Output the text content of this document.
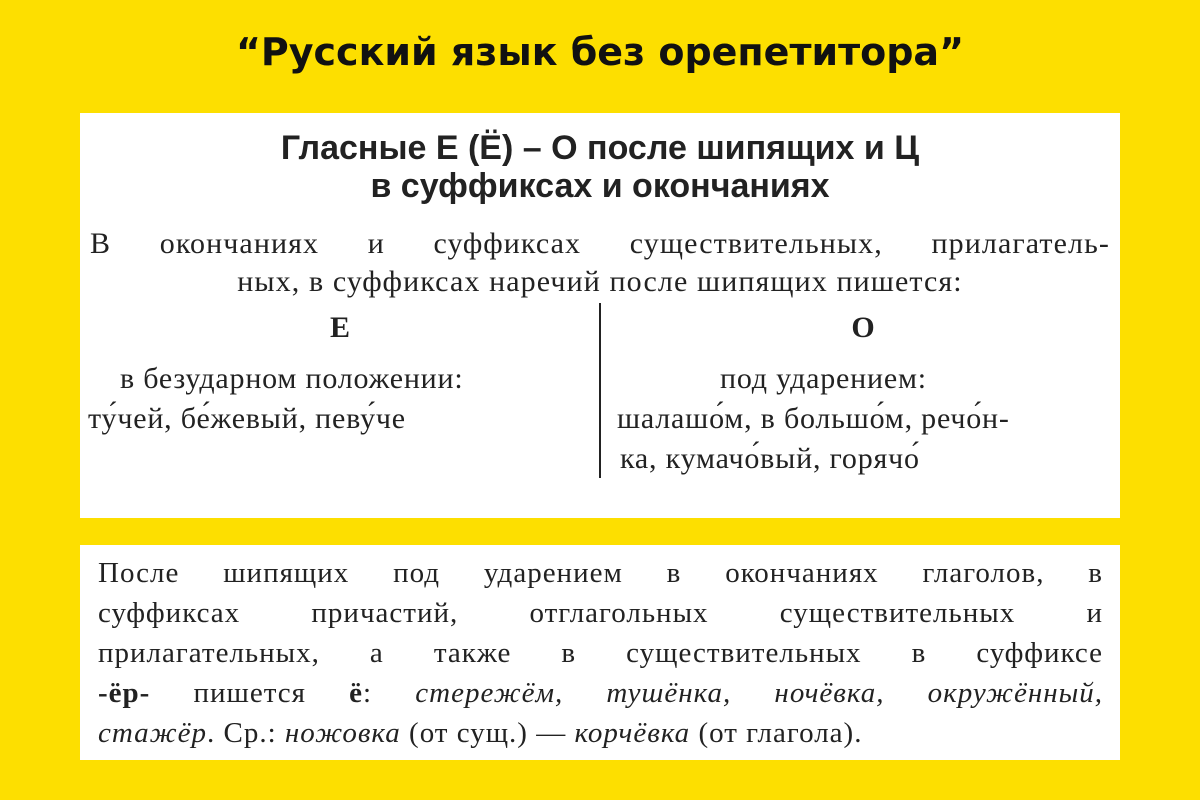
“Русский язык без орепетитора”
Гласные Е (Ё) – О после шипящих и Ц
в суффиксах и окончаниях
В окончаниях и суффиксах существительных, прилагатель-
ных, в суффиксах наречий после шипящих пишется:
Е	О
в безударном положении:
ту́чей, бе́жевый, певу́че
под ударением:
шалашо́м, в большо́м, речо́н-
ка, кумачо́вый, горячо́
После шипящих под ударением в окончаниях глаголов, в
суффиксах причастий, отглагольных существительных и
прилагательных, а также в существительных в суффиксе
-ёр- пишется ё: стережём, тушёнка, ночёвка, окружённый,
стажёр. Ср.: ножовка (от сущ.) — корчёвка (от глагола).
